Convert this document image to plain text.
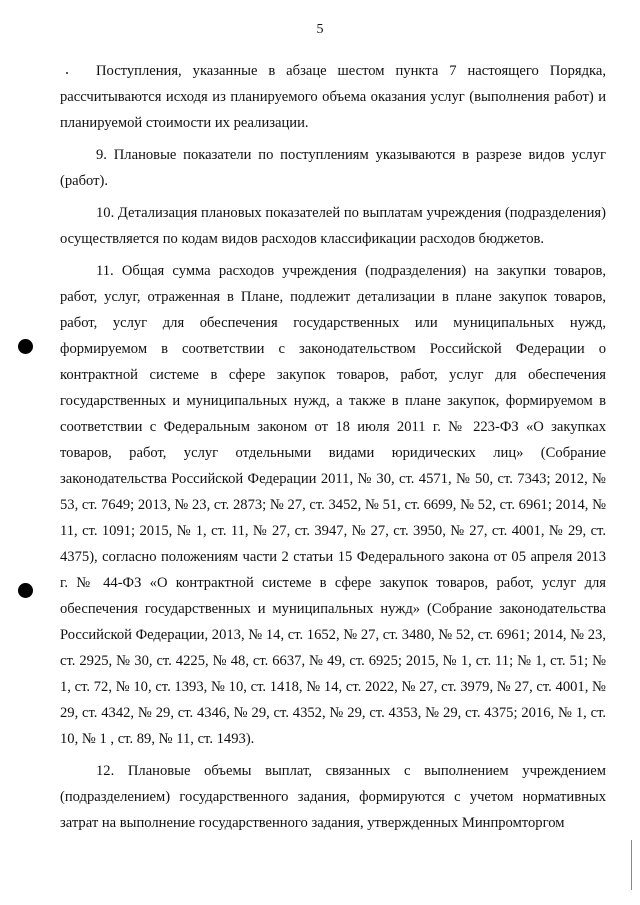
5

Поступления, указанные в абзаце шестом пункта 7 настоящего Порядка, рассчитываются исходя из планируемого объема оказания услуг (выполнения работ) и планируемой стоимости их реализации.

9. Плановые показатели по поступлениям указываются в разрезе видов услуг (работ).

10. Детализация плановых показателей по выплатам учреждения (подразделения) осуществляется по кодам видов расходов классификации расходов бюджетов.

11. Общая сумма расходов учреждения (подразделения) на закупки товаров, работ, услуг, отраженная в Плане, подлежит детализации в плане закупок товаров, работ, услуг для обеспечения государственных или муниципальных нужд, формируемом в соответствии с законодательством Российской Федерации о контрактной системе в сфере закупок товаров, работ, услуг для обеспечения государственных и муниципальных нужд, а также в плане закупок, формируемом в соответствии с Федеральным законом от 18 июля 2011 г. № 223-ФЗ «О закупках товаров, работ, услуг отдельными видами юридических лиц» (Собрание законодательства Российской Федерации 2011, № 30, ст. 4571, № 50, ст. 7343; 2012, № 53, ст. 7649; 2013, № 23, ст. 2873; № 27, ст. 3452, № 51, ст. 6699, № 52, ст. 6961; 2014, № 11, ст. 1091; 2015, № 1, ст. 11, № 27, ст. 3947, № 27, ст. 3950, № 27, ст. 4001, № 29, ст. 4375), согласно положениям части 2 статьи 15 Федерального закона от 05 апреля 2013 г. № 44-ФЗ «О контрактной системе в сфере закупок товаров, работ, услуг для обеспечения государственных и муниципальных нужд» (Собрание законодательства Российской Федерации, 2013, № 14, ст. 1652, № 27, ст. 3480, № 52, ст. 6961; 2014, № 23, ст. 2925, № 30, ст. 4225, № 48, ст. 6637, № 49, ст. 6925; 2015, № 1, ст. 11; № 1, ст. 51; № 1, ст. 72, № 10, ст. 1393, № 10, ст. 1418, № 14, ст. 2022, № 27, ст. 3979, № 27, ст. 4001, № 29, ст. 4342, № 29, ст. 4346, № 29, ст. 4352, № 29, ст. 4353, № 29, ст. 4375; 2016, № 1, ст. 10, № 1 , ст. 89, № 11, ст. 1493).

12. Плановые объемы выплат, связанных с выполнением учреждением (подразделением) государственного задания, формируются с учетом нормативных затрат на выполнение государственного задания, утвержденных Минпромторгом
